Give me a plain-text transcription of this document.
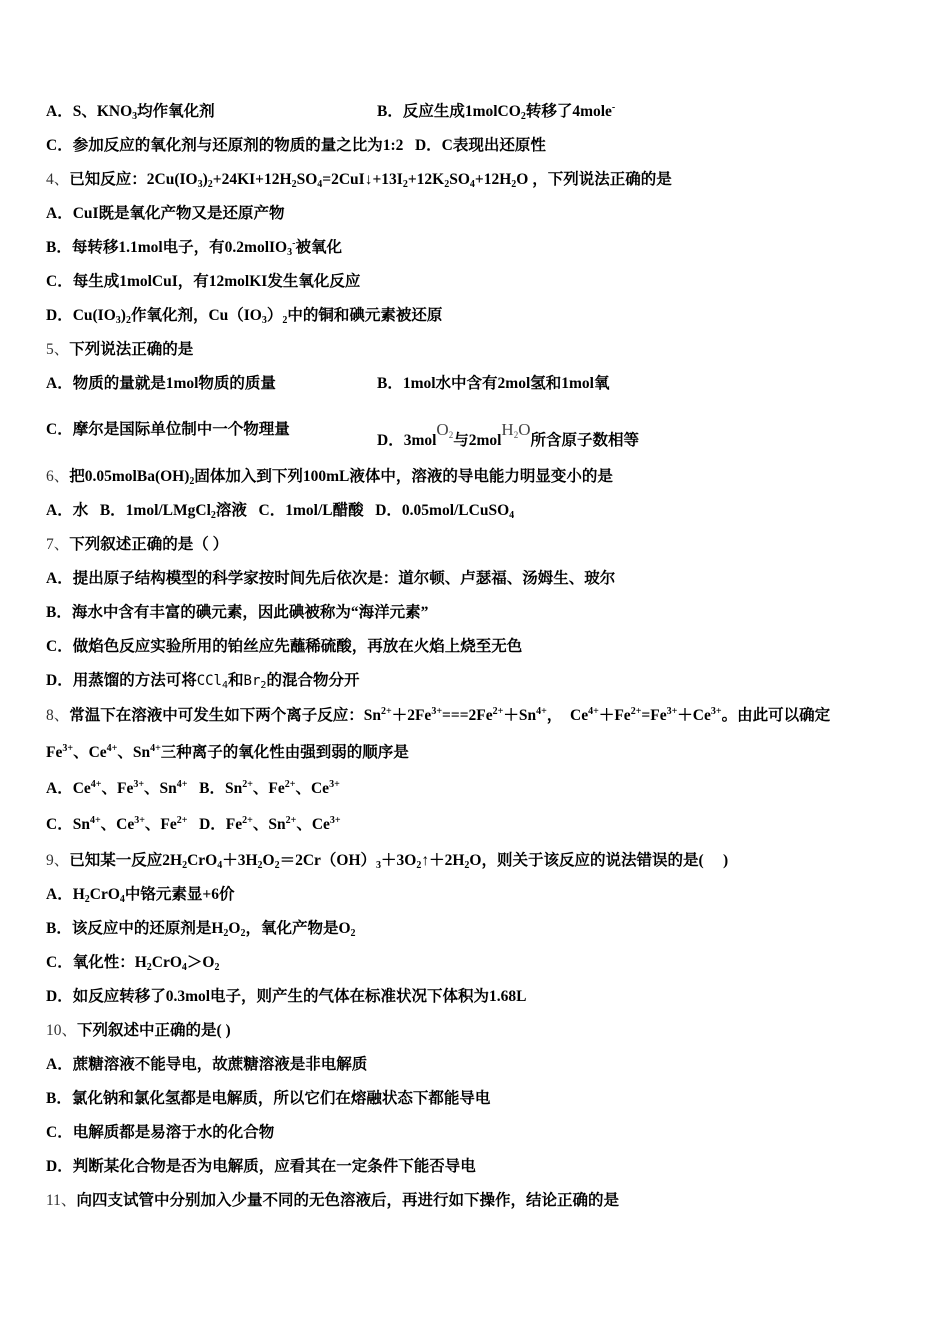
A．S、$KNO_3$均作氧化剂	B．反应生成1molCO$_2$转移了4mole-
C．参加反应的氧化剂与还原剂的物质的量之比为1:2   D．C表现出还原性
4、已知反应：$2Cu(IO_3)_2+24KI+12H_2SO_4=2CuI↓+13I_2+12K_2SO_4+12H_2O$ ，下列说法正确的是
A．CuI既是氧化产物又是还原产物
B．每转移1.1mol电子，有0.2molIO$_3$-被氧化
C．每生成1molCuI，有12molKI发生氧化反应
D．$Cu(IO_3)_2$作氧化剂，$Cu(IO_3)_2$中的铜和碘元素被还原
5、下列说法正确的是
A．物质的量就是1mol物质的质量	B．1mol水中含有2mol氢和1mol氧
C．摩尔是国际单位制中一个物理量
D．3molO$_2$与2molH$_2$O所含原子数相等
6、把$0.05molBa(OH)_2$固体加入到下列100mL液体中，溶液的导电能力明显变小的是
A．水   B．1mol/LMgCl$_2$溶液   C．1mol/L醋酸   D．0.05mol/LCuSO$_4$
7、下列叙述正确的是（ ）
A．提出原子结构模型的科学家按时间先后依次是：道尔顿、卢瑟福、汤姆生、玻尔
B．海水中含有丰富的碘元素，因此碘被称为“海洋元素”
C．做焰色反应实验所用的铂丝应先蘸稀硫酸，再放在火焰上烧至无色
D．用蒸馏的方法可将CCl$_4$和$Br_2$的混合物分开
8、常温下在溶液中可发生如下两个离子反应：$Sn^{2+}+2Fe^{3+}===2Fe^{2+}+Sn^{4+}$，  $Ce^{4+}+Fe^{2+}=Fe^{3+}+Ce^{3+}$。由此可以确定
$Fe^{3+}$、$Ce^{4+}$、$Sn^{4+}$三种离子的氧化性由强到弱的顺序是
A．$Ce^{4+}$、$Fe^{3+}$、$Sn^{4+}$   B．$Sn^{2+}$、$Fe^{2+}$、$Ce^{3+}$
C．$Sn^{4+}$、$Ce^{3+}$、$Fe^{2+}$   D．$Fe^{2+}$、$Sn^{2+}$、$Ce^{3+}$
9、已知某一反应$2H_2CrO_4+3H_2O_2=2Cr(OH)_3+3O_2↑+2H_2O$，则关于该反应的说法错误的是(     )
A．$H_2CrO_4$中铬元素显+6价
B．该反应中的还原剂是$H_2O_2$，氧化产物是$O_2$
C．氧化性：$H_2CrO_4>O_2$
D．如反应转移了0.3mol电子，则产生的气体在标准状况下体积为1.68L
10、下列叙述中正确的是( )
A．蔗糖溶液不能导电，故蔗糖溶液是非电解质
B．氯化钠和氯化氢都是电解质，所以它们在熔融状态下都能导电
C．电解质都是易溶于水的化合物
D．判断某化合物是否为电解质，应看其在一定条件下能否导电
11、向四支试管中分别加入少量不同的无色溶液后，再进行如下操作，结论正确的是
